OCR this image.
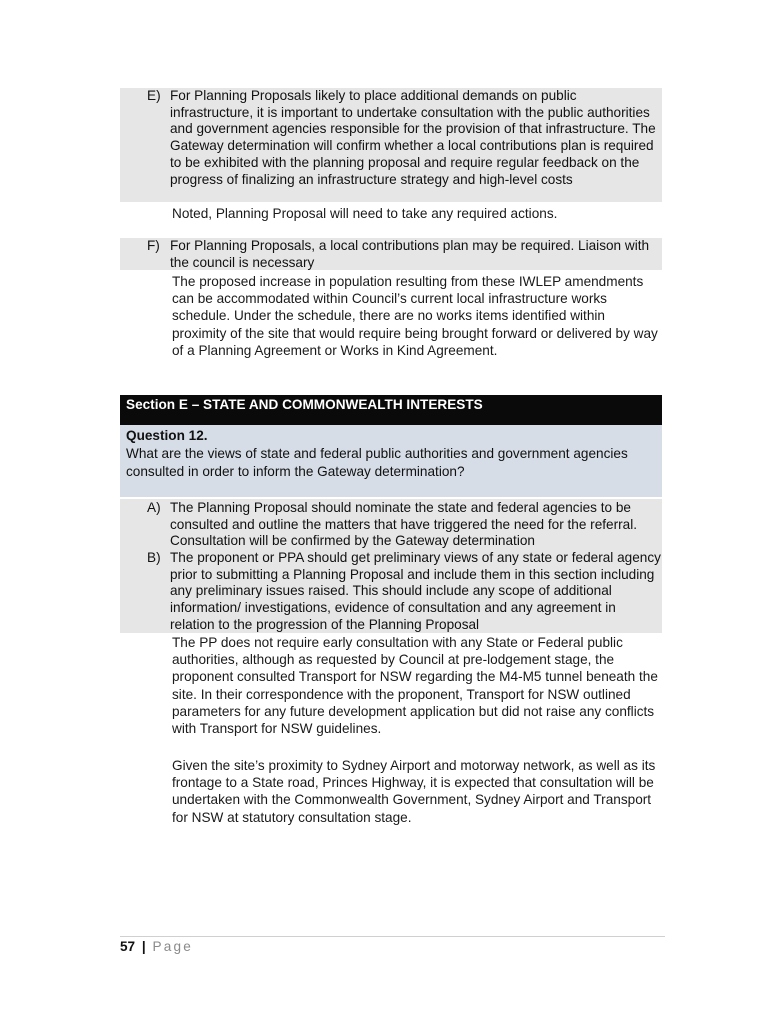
E) For Planning Proposals likely to place additional demands on public infrastructure, it is important to undertake consultation with the public authorities and government agencies responsible for the provision of that infrastructure. The Gateway determination will confirm whether a local contributions plan is required to be exhibited with the planning proposal and require regular feedback on the progress of finalizing an infrastructure strategy and high-level costs
Noted, Planning Proposal will need to take any required actions.
F) For Planning Proposals, a local contributions plan may be required. Liaison with the council is necessary
The proposed increase in population resulting from these IWLEP amendments can be accommodated within Council’s current local infrastructure works schedule. Under the schedule, there are no works items identified within proximity of the site that would require being brought forward or delivered by way of a Planning Agreement or Works in Kind Agreement.
Section E – STATE AND COMMONWEALTH INTERESTS
Question 12.
What are the views of state and federal public authorities and government agencies consulted in order to inform the Gateway determination?
A) The Planning Proposal should nominate the state and federal agencies to be consulted and outline the matters that have triggered the need for the referral. Consultation will be confirmed by the Gateway determination
B) The proponent or PPA should get preliminary views of any state or federal agency prior to submitting a Planning Proposal and include them in this section including any preliminary issues raised. This should include any scope of additional information/ investigations, evidence of consultation and any agreement in relation to the progression of the Planning Proposal
The PP does not require early consultation with any State or Federal public authorities, although as requested by Council at pre-lodgement stage, the proponent consulted Transport for NSW regarding the M4-M5 tunnel beneath the site. In their correspondence with the proponent, Transport for NSW outlined parameters for any future development application but did not raise any conflicts with Transport for NSW guidelines.
Given the site’s proximity to Sydney Airport and motorway network, as well as its frontage to a State road, Princes Highway, it is expected that consultation will be undertaken with the Commonwealth Government, Sydney Airport and Transport for NSW at statutory consultation stage.
57 | Page
